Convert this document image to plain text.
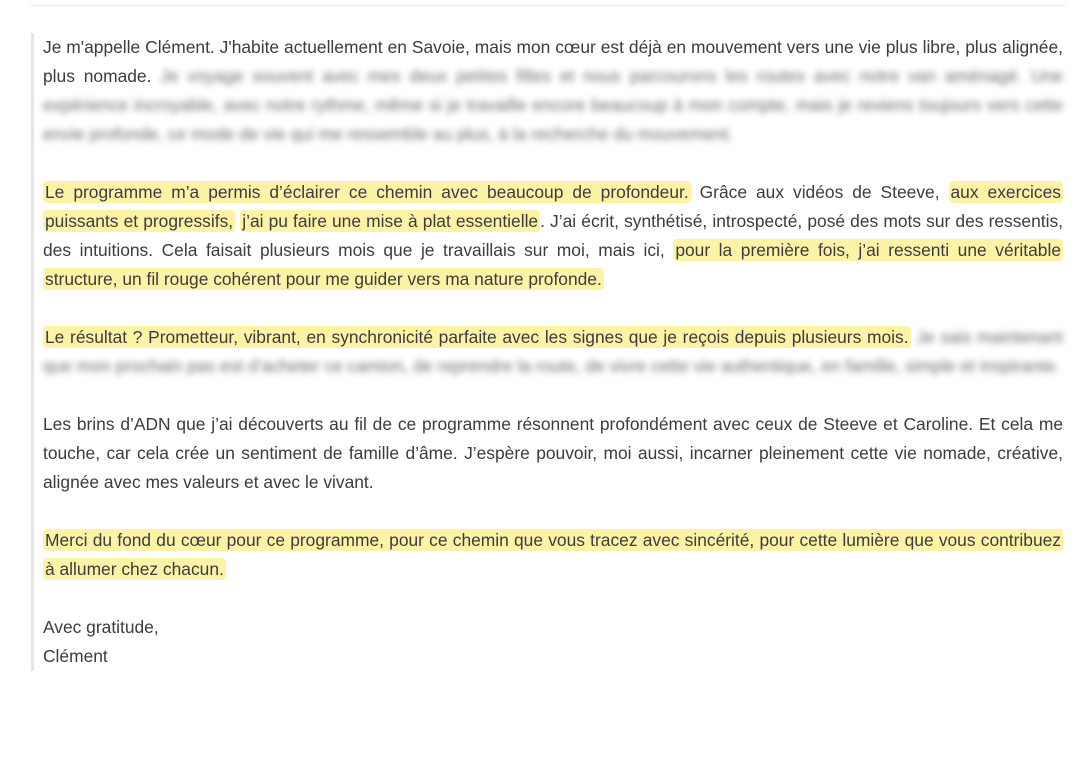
Je m'appelle Clément. J'habite actuellement en Savoie, mais mon cœur est déjà en mouvement vers une vie plus libre, plus alignée, plus nomade. Je voyage souvent avec mes deux petites filles et nous parcourons les routes avec notre van aménagé. Une expérience incroyable, avec notre rythme, même si je travaille encore beaucoup à mon compte, mais je reviens toujours vers cette envie profonde, ce mode de vie qui me ressemble au plus, à la recherche du mouvement.

Le programme m’a permis d’éclairer ce chemin avec beaucoup de profondeur. Grâce aux vidéos de Steeve, aux exercices puissants et progressifs, j’ai pu faire une mise à plat essentielle . J’ai écrit, synthétisé, introspecté, posé des mots sur des ressentis, des intuitions. Cela faisait plusieurs mois que je travaillais sur moi, mais ici, pour la première fois, j’ai ressenti une véritable structure, un fil rouge cohérent pour me guider vers ma nature profonde.

Le résultat ? Prometteur, vibrant, en synchronicité parfaite avec les signes que je reçois depuis plusieurs mois. Je sais maintenant que mon prochain pas est d’acheter ce camion, de reprendre la route, de vivre cette vie authentique, en famille, simple et inspirante.

Les brins d’ADN que j’ai découverts au fil de ce programme résonnent profondément avec ceux de Steeve et Caroline. Et cela me touche, car cela crée un sentiment de famille d’âme. J’espère pouvoir, moi aussi, incarner pleinement cette vie nomade, créative, alignée avec mes valeurs et avec le vivant.

Merci du fond du cœur pour ce programme, pour ce chemin que vous tracez avec sincérité, pour cette lumière que vous contribuez à allumer chez chacun.

Avec gratitude,
Clément
